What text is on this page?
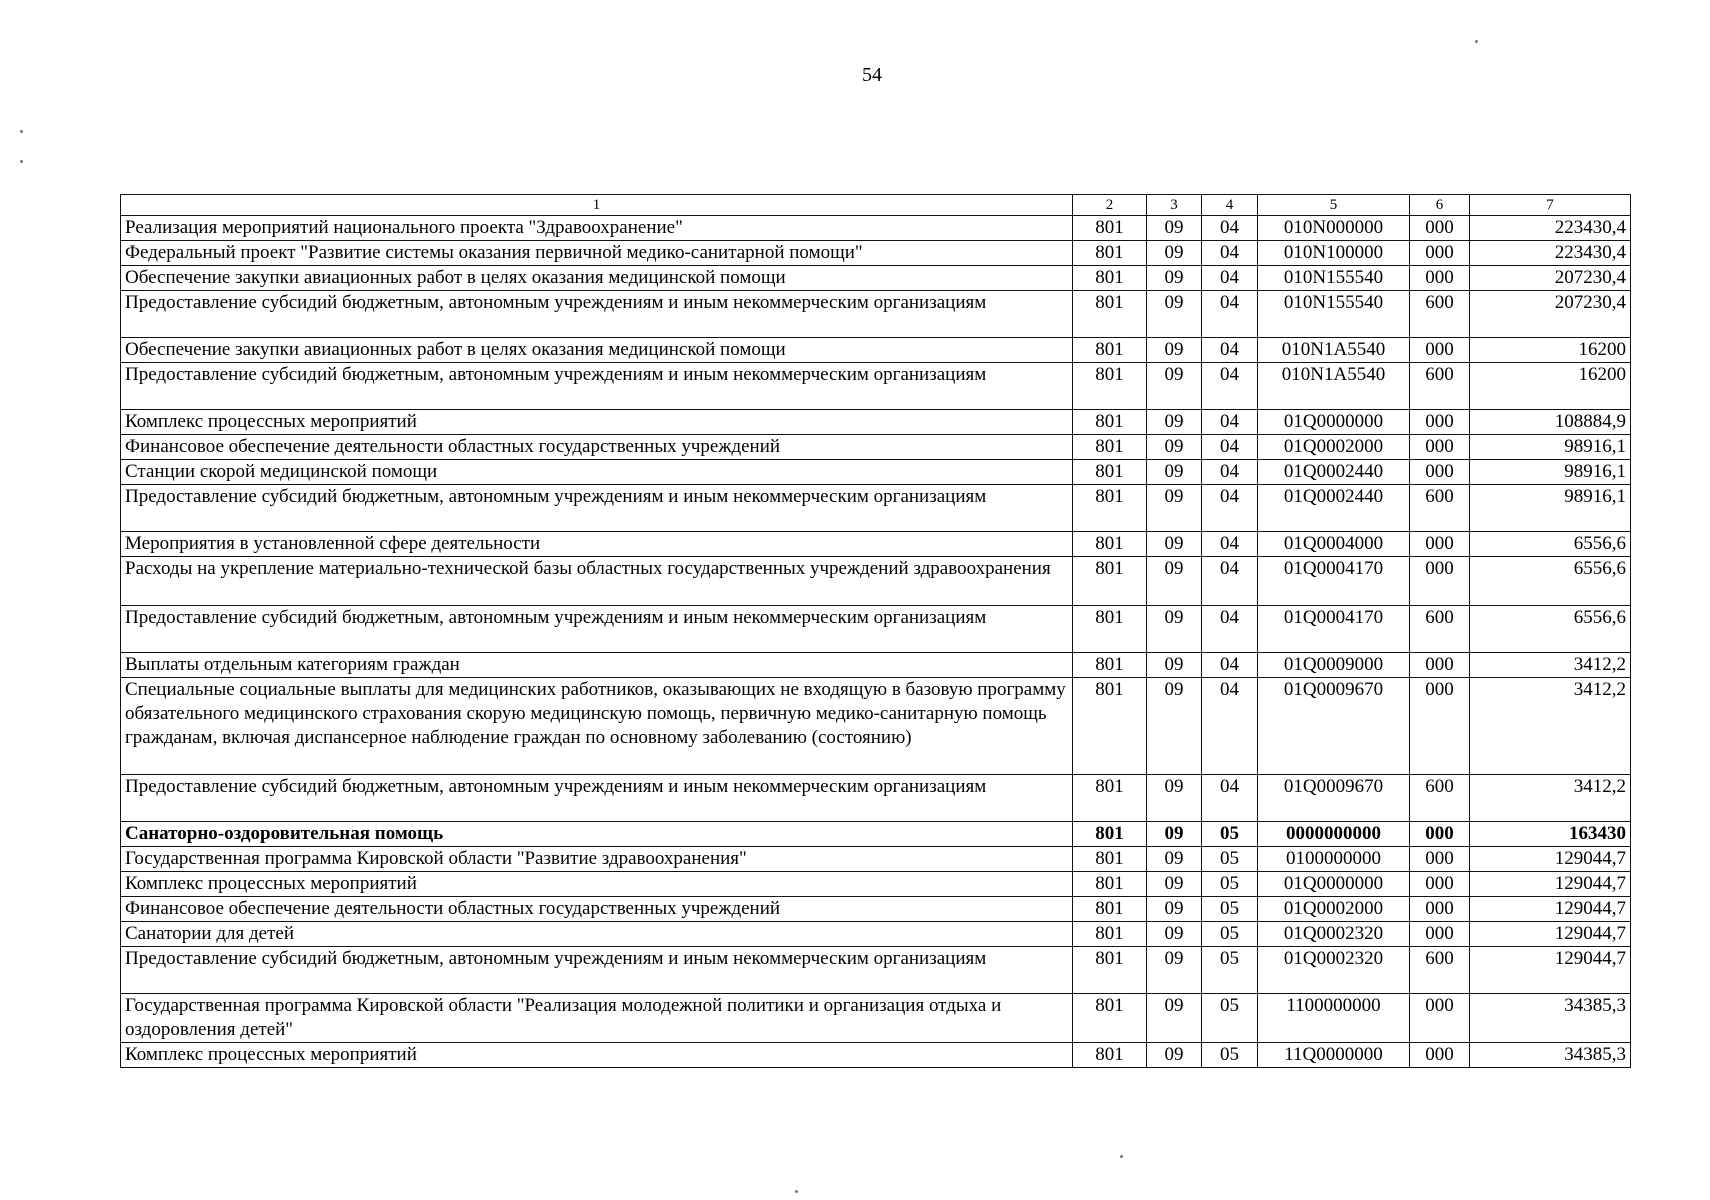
54
1	2	3	4	5	6	7
Реализация мероприятий национального проекта "Здравоохранение"	801	09	04	010N000000	000	223430,4
Федеральный проект "Развитие системы оказания первичной медико-санитарной помощи"	801	09	04	010N100000	000	223430,4
Обеспечение закупки авиационных работ в целях оказания медицинской помощи	801	09	04	010N155540	000	207230,4
Предоставление субсидий бюджетным, автономным учреждениям и иным некоммерческим организациям	801	09	04	010N155540	600	207230,4
Обеспечение закупки авиационных работ в целях оказания медицинской помощи	801	09	04	010N1A5540	000	16200
Предоставление субсидий бюджетным, автономным учреждениям и иным некоммерческим организациям	801	09	04	010N1A5540	600	16200
Комплекс процессных мероприятий	801	09	04	01Q0000000	000	108884,9
Финансовое обеспечение деятельности областных государственных учреждений	801	09	04	01Q0002000	000	98916,1
Станции скорой медицинской помощи	801	09	04	01Q0002440	000	98916,1
Предоставление субсидий бюджетным, автономным учреждениям и иным некоммерческим организациям	801	09	04	01Q0002440	600	98916,1
Мероприятия в установленной сфере деятельности	801	09	04	01Q0004000	000	6556,6
Расходы на укрепление материально-технической базы областных государственных учреждений здравоохранения	801	09	04	01Q0004170	000	6556,6
Предоставление субсидий бюджетным, автономным учреждениям и иным некоммерческим организациям	801	09	04	01Q0004170	600	6556,6
Выплаты отдельным категориям граждан	801	09	04	01Q0009000	000	3412,2
Специальные социальные выплаты для медицинских работников, оказывающих не входящую в базовую программу обязательного медицинского страхования скорую медицинскую помощь, первичную медико-санитарную помощь гражданам, включая диспансерное наблюдение граждан по основному заболеванию (состоянию)	801	09	04	01Q0009670	000	3412,2
Предоставление субсидий бюджетным, автономным учреждениям и иным некоммерческим организациям	801	09	04	01Q0009670	600	3412,2
Санаторно-оздоровительная помощь	801	09	05	0000000000	000	163430
Государственная программа Кировской области "Развитие здравоохранения"	801	09	05	0100000000	000	129044,7
Комплекс процессных мероприятий	801	09	05	01Q0000000	000	129044,7
Финансовое обеспечение деятельности областных государственных учреждений	801	09	05	01Q0002000	000	129044,7
Санатории для детей	801	09	05	01Q0002320	000	129044,7
Предоставление субсидий бюджетным, автономным учреждениям и иным некоммерческим организациям	801	09	05	01Q0002320	600	129044,7
Государственная программа Кировской области "Реализация молодежной политики и организация отдыха и оздоровления детей"	801	09	05	1100000000	000	34385,3
Комплекс процессных мероприятий	801	09	05	11Q0000000	000	34385,3
